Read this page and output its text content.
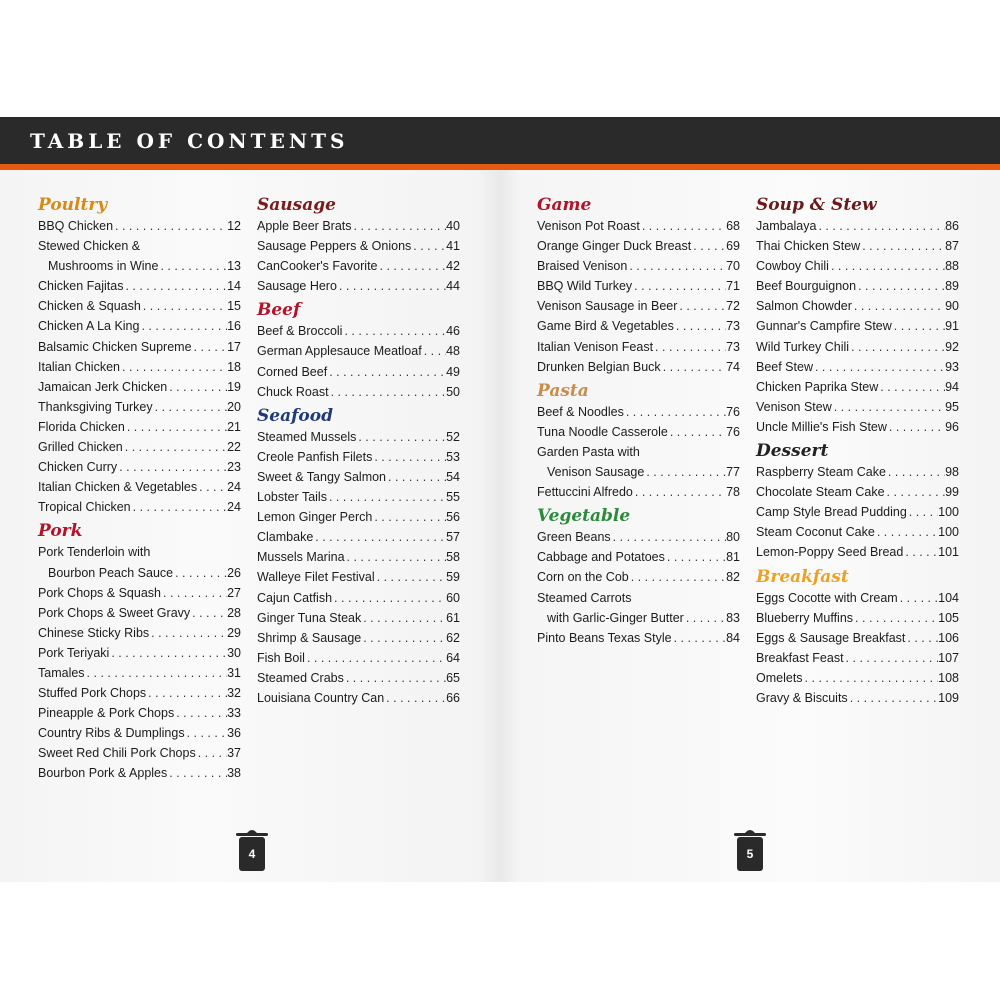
TABLE OF CONTENTS
Poultry
BBQ Chicken . . .	12
Stewed Chicken &
Mushrooms in Wine . . .	13
Chicken Fajitas . . .	14
Chicken & Squash . . .	15
Chicken A La King . . .	16
Balsamic Chicken Supreme . . .	17
Italian Chicken . . .	18
Jamaican Jerk Chicken . . .	19
Thanksgiving Turkey . . .	20
Florida Chicken . . .	21
Grilled Chicken . . .	22
Chicken Curry . . .	23
Italian Chicken & Vegetables . . . 24
Tropical Chicken . . .	24
Pork
Pork Tenderloin with
Bourbon Peach Sauce . . .	26
Pork Chops & Squash . . .	27
Pork Chops & Sweet Gravy . . .	28
Chinese Sticky Ribs . . .	29
Pork Teriyaki . . .	30
Tamales . . .	31
Stuffed Pork Chops . . .	32
Pineapple & Pork Chops . . .	33
Country Ribs & Dumplings . . .	36
Sweet Red Chili Pork Chops . . .	37
Bourbon Pork & Apples . . .	38
Sausage
Apple Beer Brats . . .	40
Sausage Peppers & Onions . . .	41
CanCooker's Favorite . . .	42
Sausage Hero . . .	44
Beef
Beef & Broccoli . . .	46
German Applesauce Meatloaf . . . 48
Corned Beef . . .	49
Chuck Roast . . .	50
Seafood
Steamed Mussels . . .	52
Creole Panfish Filets . . .	53
Sweet & Tangy Salmon . . .	54
Lobster Tails . . .	55
Lemon Ginger Perch . . .	56
Clambake . . .	57
Mussels Marina . . .	58
Walleye Filet Festival . . .	59
Cajun Catfish . . .	60
Ginger Tuna Steak . . .	61
Shrimp & Sausage . . .	62
Fish Boil . . .	64
Steamed Crabs . . .	65
Louisiana Country Can . . .	66
Game
Venison Pot Roast . . .	68
Orange Ginger Duck Breast . . .	69
Braised Venison . . .	70
BBQ Wild Turkey . . .	71
Venison Sausage in Beer . . .	72
Game Bird & Vegetables . . .	73
Italian Venison Feast . . .	73
Drunken Belgian Buck . . .	74
Pasta
Beef & Noodles . . .	76
Tuna Noodle Casserole . . .	76
Garden Pasta with
Venison Sausage . . .	77
Fettuccini Alfredo . . .	78
Vegetable
Green Beans . . .	80
Cabbage and Potatoes . . .	81
Corn on the Cob . . .	82
Steamed Carrots
with Garlic-Ginger Butter . . .	83
Pinto Beans Texas Style . . .	84
Soup & Stew
Jambalaya . . .	86
Thai Chicken Stew . . .	87
Cowboy Chili . . .	88
Beef Bourguignon . . .	89
Salmon Chowder . . .	90
Gunnar's Campfire Stew . . .	91
Wild Turkey Chili . . .	92
Beef Stew . . .	93
Chicken Paprika Stew . . .	94
Venison Stew . . .	95
Uncle Millie's Fish Stew . . .	96
Dessert
Raspberry Steam Cake . . .	98
Chocolate Steam Cake . . .	99
Camp Style Bread Pudding . . .	100
Steam Coconut Cake . . .	100
Lemon-Poppy Seed Bread . . .	101
Breakfast
Eggs Cocotte with Cream . . .	104
Blueberry Muffins . . .	105
Eggs & Sausage Breakfast . . .	106
Breakfast Feast . . .	107
Omelets . . .	108
Gravy & Biscuits . . .	109
4	5
